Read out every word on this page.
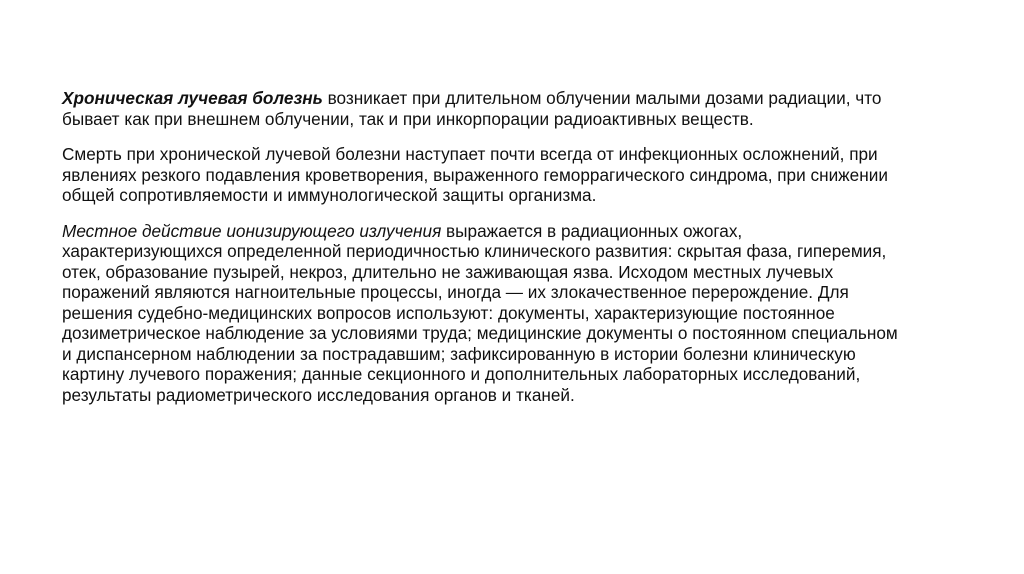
Хроническая лучевая болезнь возникает при длительном облучении малыми дозами радиации, что
бывает как при внешнем облучении, так и при инкорпорации радиоактивных веществ.

Смерть при хронической лучевой болезни наступает почти всегда от инфекционных осложнений, при
явлениях резкого подавления кроветворения, выраженного геморрагического синдрома, при снижении
общей сопротивляемости и иммунологической защиты организма.

Местное действие ионизирующего излучения выражается в радиационных ожогах,
характеризующихся определенной периодичностью клинического развития: скрытая фаза, гиперемия,
отек, образование пузырей, некроз, длительно не заживающая язва. Исходом местных лучевых
поражений являются нагноительные процессы, иногда — их злокачественное перерождение. Для
решения судебно-медицинских вопросов используют: документы, характеризующие постоянное
дозиметрическое наблюдение за условиями труда; медицинские документы о постоянном специальном
и диспансерном наблюдении за пострадавшим; зафиксированную в истории болезни клиническую
картину лучевого поражения; данные секционного и дополнительных лабораторных исследований,
результаты радиометрического исследования органов и тканей.
